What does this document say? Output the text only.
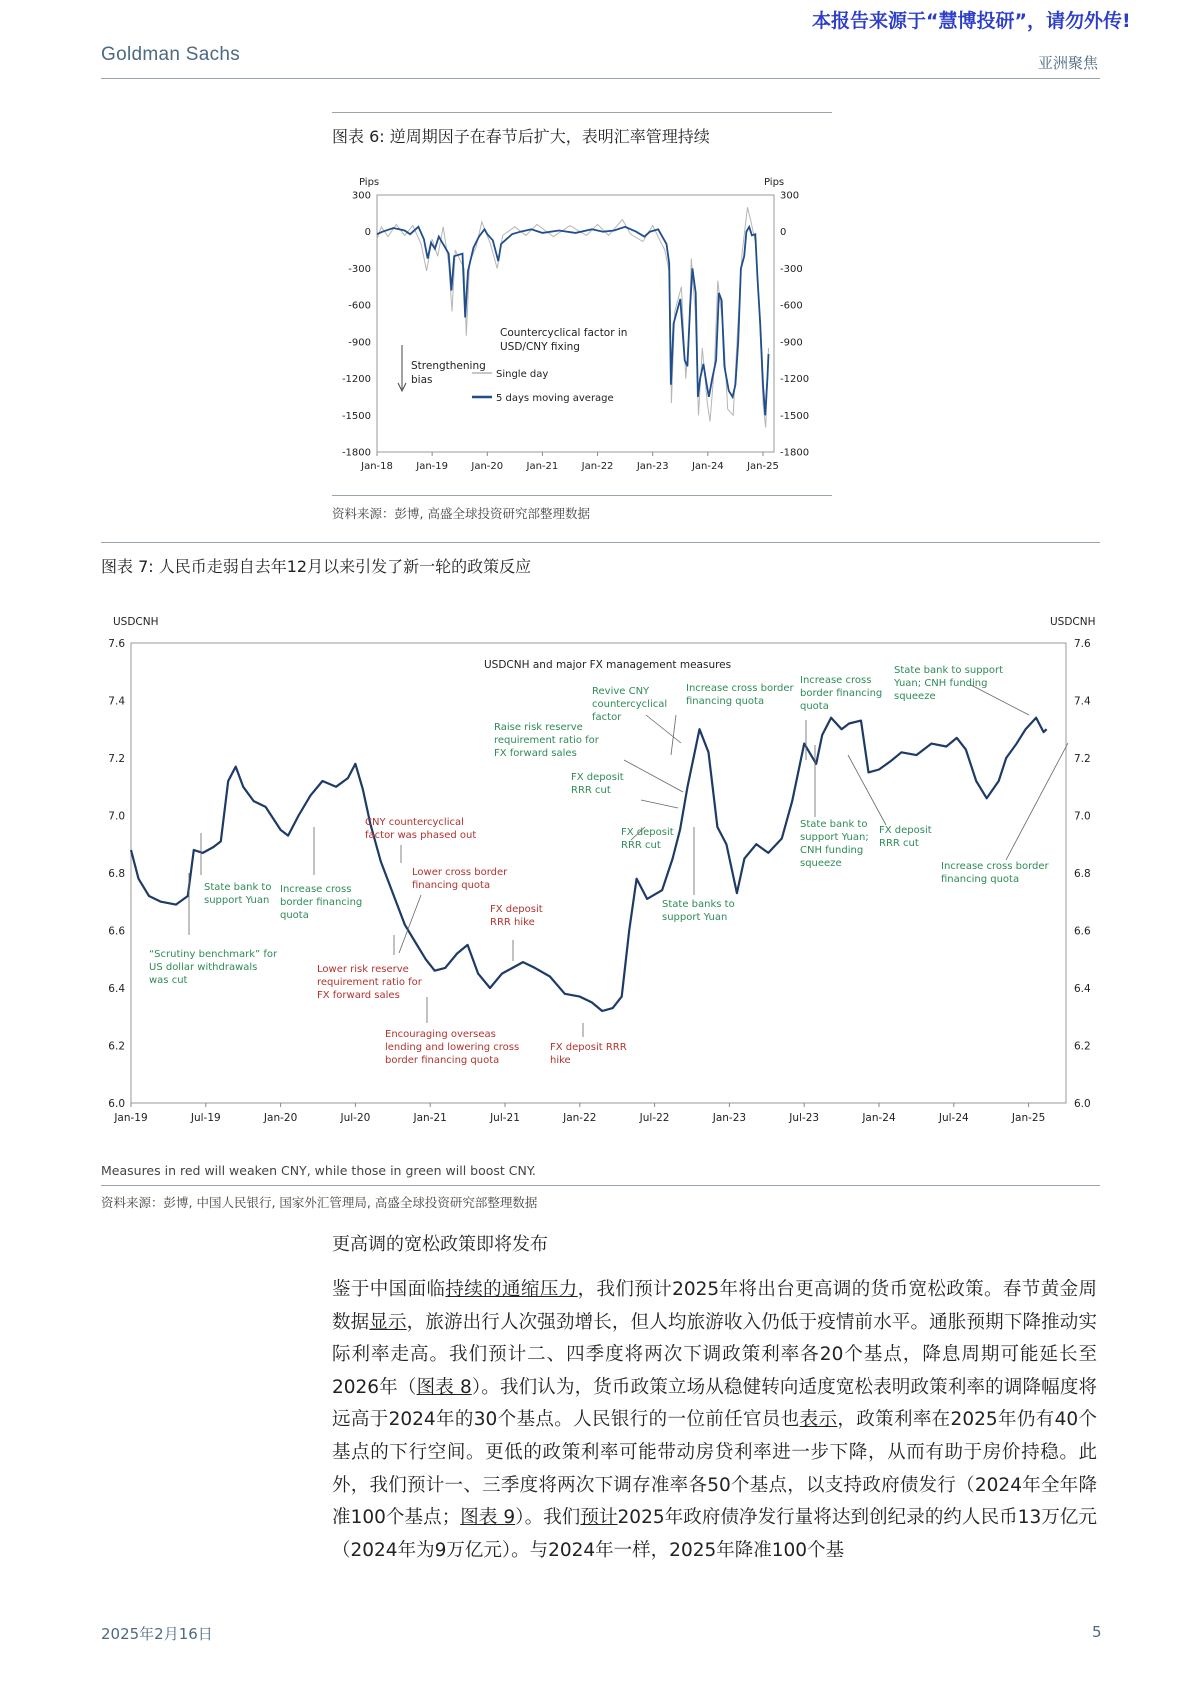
本报告来源于“慧博投研”，请勿外传!
Goldman Sachs	亚洲聚焦
图表 6: 逆周期因子在春节后扩大，表明汇率管理持续
Pips	Pips
300	300
0	0
-300	-300
-600	-600
-900	-900
-1200	-1200
-1500	-1500
-1800	-1800
Jan-18 Jan-19 Jan-20 Jan-21 Jan-22 Jan-23 Jan-24 Jan-25
Countercyclical factor in
USD/CNY fixing
Single day
5 days moving average
Strengthening
bias
资料来源：彭博, 高盛全球投资研究部整理数据
图表 7: 人民币走弱自去年12月以来引发了新一轮的政策反应
USDCNH	USDCNH
7.6	7.6
7.4	7.4
7.2	7.2
7.0	7.0
6.8	6.8
6.6	6.6
6.4	6.4
6.2	6.2
6.0	6.0
Jan-19	Jul-19	Jan-20	Jul-20	Jan-21	Jul-21	Jan-22	Jul-22	Jan-23	Jul-23	Jan-24	Jul-24	Jan-25
USDCNH and major FX management measures
“Scrutiny benchmark” for
US dollar withdrawals
was cut
State bank to
support Yuan
Increase cross
border financing
quota
CNY countercyclical
factor was phased out
Lower cross border
financing quota
Lower risk reserve
requirement ratio for
FX forward sales
FX deposit
RRR hike
Encouraging overseas
lending and lowering cross
border financing quota
FX deposit RRR
hike
Raise risk reserve
requirement ratio for
FX forward sales
Revive CNY
countercyclical
factor
Increase cross border
financing quota
FX deposit
RRR cut
FX deposit
RRR cut
State banks to
support Yuan
Increase cross
border financing
quota
State bank to
support Yuan;
CNH funding
squeeze
FX deposit
RRR cut
State bank to support
Yuan; CNH funding
squeeze
Increase cross border
financing quota
Measures in red will weaken CNY, while those in green will boost CNY.
资料来源：彭博, 中国人民银行, 国家外汇管理局, 高盛全球投资研究部整理数据
更高调的宽松政策即将发布

鉴于中国面临持续的通缩压力，我们预计2025年将出台更高调的货币宽松政策。春节黄金周数据显示，旅游出行人次强劲增长，但人均旅游收入仍低于疫情前水平。通胀预期下降推动实际利率走高。我们预计二、四季度将两次下调政策利率各20个基点，降息周期可能延长至2026年（图表 8）。我们认为，货币政策立场从稳健转向适度宽松表明政策利率的调降幅度将远高于2024年的30个基点。人民银行的一位前任官员也表示，政策利率在2025年仍有40个基点的下行空间。更低的政策利率可能带动房贷利率进一步下降，从而有助于房价持稳。此外，我们预计一、三季度将两次下调存准率各50个基点，以支持政府债发行（2024年全年降准100个基点；图表 9）。我们预计2025年政府债净发行量将达到创纪录的约人民币13万亿元（2024年为9万亿元）。与2024年一样，2025年降准100个基

2025年2月16日	5
